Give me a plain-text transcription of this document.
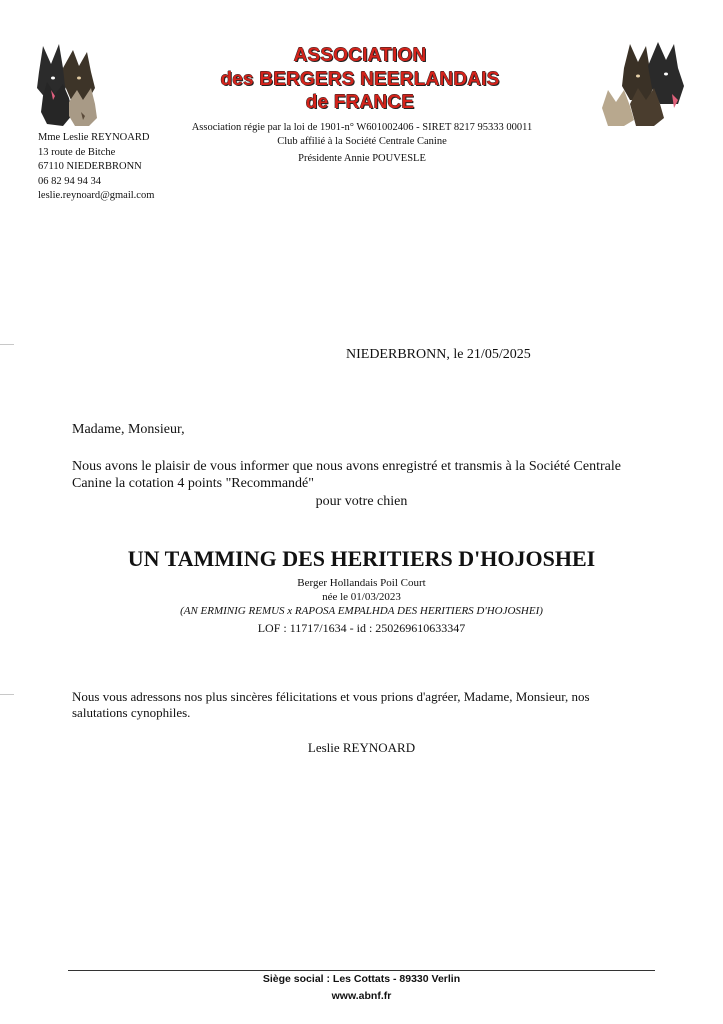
ASSOCIATION
des BERGERS NEERLANDAIS
de FRANCE
Association régie par la loi de 1901-n° W601002406 - SIRET 8217 95333 00011
Club affilié à la Société Centrale Canine
Présidente Annie POUVESLE
Mme Leslie REYNOARD
13 route de Bitche
67110 NIEDERBRONN
06 82 94 94 34
leslie.reynoard@gmail.com
NIEDERBRONN, le 21/05/2025
Madame, Monsieur,
Nous avons le plaisir de vous informer que nous avons enregistré et transmis à la Société Centrale
Canine la cotation 4 points "Recommandé"
pour votre chien
UN TAMMING DES HERITIERS D'HOJOSHEI
Berger Hollandais Poil Court
née le 01/03/2023
(AN ERMINIG REMUS x RAPOSA EMPALHDA DES HERITIERS D'HOJOSHEI)
LOF : 11717/1634 - id : 250269610633347
Nous vous adressons nos plus sincères félicitations et vous prions d'agréer, Madame, Monsieur, nos
salutations cynophiles.
Leslie REYNOARD
Siège social : Les Cottats - 89330 Verlin
www.abnf.fr
